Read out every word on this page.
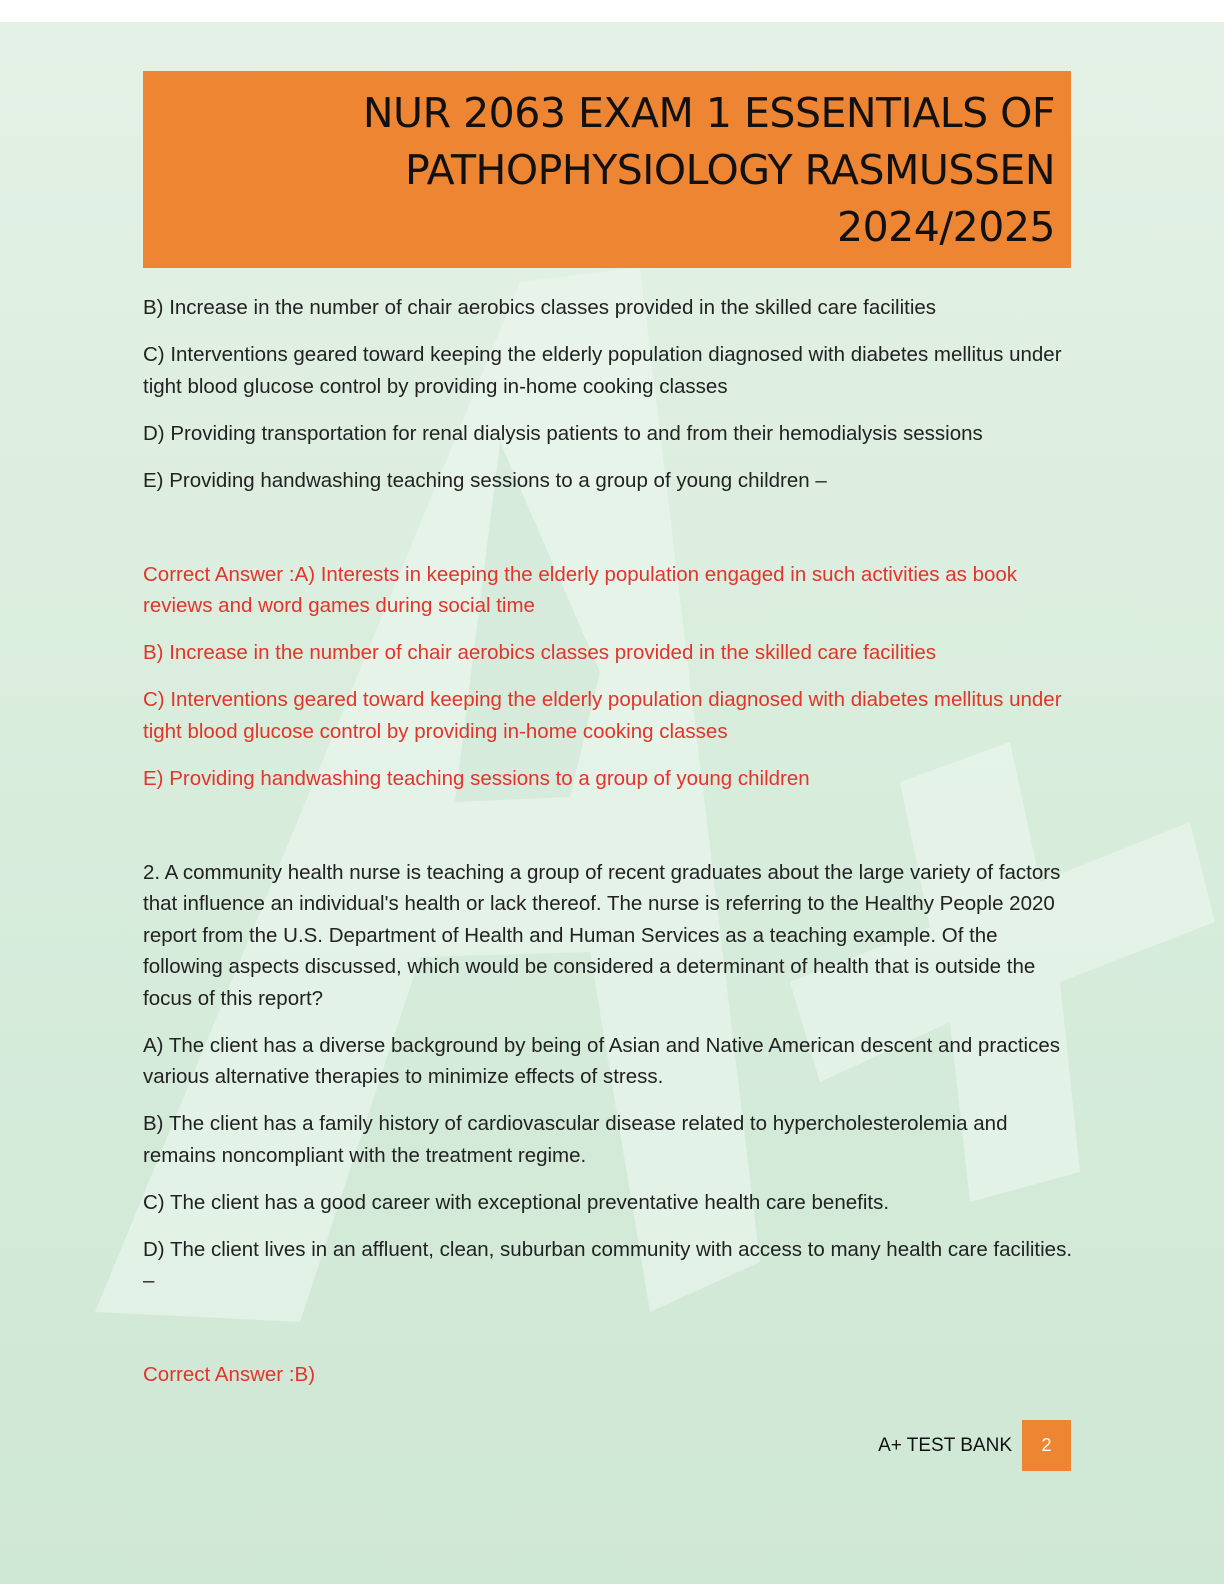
NUR 2063 EXAM 1 ESSENTIALS OF
PATHOPHYSIOLOGY RASMUSSEN
2024/2025

B) Increase in the number of chair aerobics classes provided in the skilled care facilities

C) Interventions geared toward keeping the elderly population diagnosed with diabetes mellitus under tight blood glucose control by providing in-home cooking classes

D) Providing transportation for renal dialysis patients to and from their hemodialysis sessions

E) Providing handwashing teaching sessions to a group of young children –

Correct Answer :A) Interests in keeping the elderly population engaged in such activities as book reviews and word games during social time

B) Increase in the number of chair aerobics classes provided in the skilled care facilities

C) Interventions geared toward keeping the elderly population diagnosed with diabetes mellitus under tight blood glucose control by providing in-home cooking classes

E) Providing handwashing teaching sessions to a group of young children

2. A community health nurse is teaching a group of recent graduates about the large variety of factors that influence an individual's health or lack thereof. The nurse is referring to the Healthy People 2020 report from the U.S. Department of Health and Human Services as a teaching example. Of the following aspects discussed, which would be considered a determinant of health that is outside the focus of this report?

A) The client has a diverse background by being of Asian and Native American descent and practices various alternative therapies to minimize effects of stress.

B) The client has a family history of cardiovascular disease related to hypercholesterolemia and remains noncompliant with the treatment regime.

C) The client has a good career with exceptional preventative health care benefits.

D) The client lives in an affluent, clean, suburban community with access to many health care facilities. –

Correct Answer :B)

A+ TEST BANK	2
